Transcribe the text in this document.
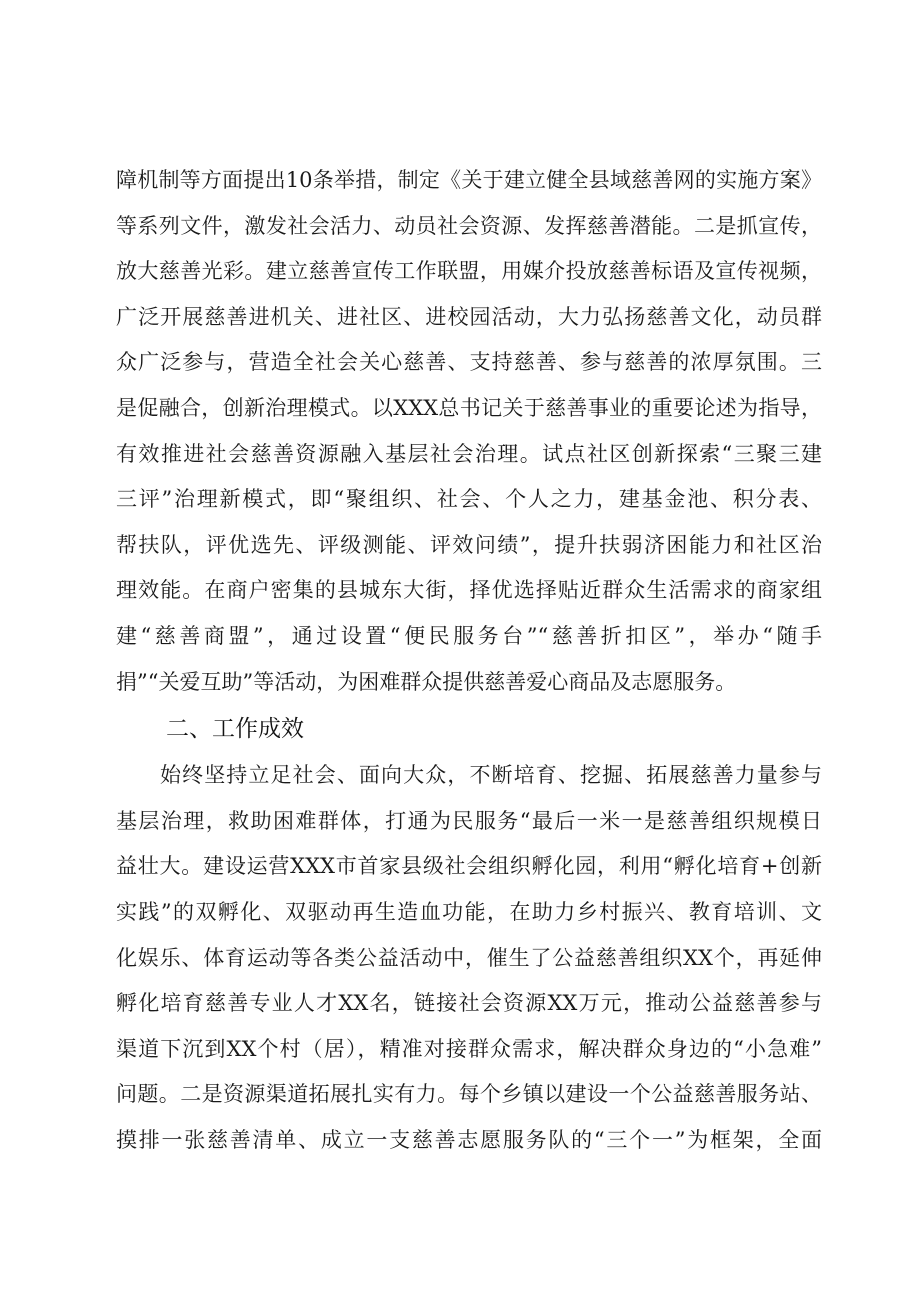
障机制等方面提出10条举措，制定《关于建立健全县域慈善网的实施方案》
等系列文件，激发社会活力、动员社会资源、发挥慈善潜能。二是抓宣传，
放大慈善光彩。建立慈善宣传工作联盟，用媒介投放慈善标语及宣传视频，
广泛开展慈善进机关、进社区、进校园活动，大力弘扬慈善文化，动员群
众广泛参与，营造全社会关心慈善、支持慈善、参与慈善的浓厚氛围。三
是促融合，创新治理模式。以XXX总书记关于慈善事业的重要论述为指导，
有效推进社会慈善资源融入基层社会治理。试点社区创新探索“三聚三建
三评”治理新模式，即“聚组织、社会、个人之力，建基金池、积分表、
帮扶队，评优选先、评级测能、评效问绩”，提升扶弱济困能力和社区治
理效能。在商户密集的县城东大街，择优选择贴近群众生活需求的商家组
建“慈善商盟”，通过设置“便民服务台”“慈善折扣区”，举办“随手
捐”“关爱互助”等活动，为困难群众提供慈善爱心商品及志愿服务。
二、工作成效
始终坚持立足社会、面向大众，不断培育、挖掘、拓展慈善力量参与
基层治理，救助困难群体，打通为民服务“最后一米一是慈善组织规模日
益壮大。建设运营XXX市首家县级社会组织孵化园，利用“孵化培育+创新
实践”的双孵化、双驱动再生造血功能，在助力乡村振兴、教育培训、文
化娱乐、体育运动等各类公益活动中，催生了公益慈善组织XX个，再延伸
孵化培育慈善专业人才XX名，链接社会资源XX万元，推动公益慈善参与
渠道下沉到XX个村（居），精准对接群众需求，解决群众身边的“小急难”
问题。二是资源渠道拓展扎实有力。每个乡镇以建设一个公益慈善服务站、
摸排一张慈善清单、成立一支慈善志愿服务队的“三个一”为框架，全面
